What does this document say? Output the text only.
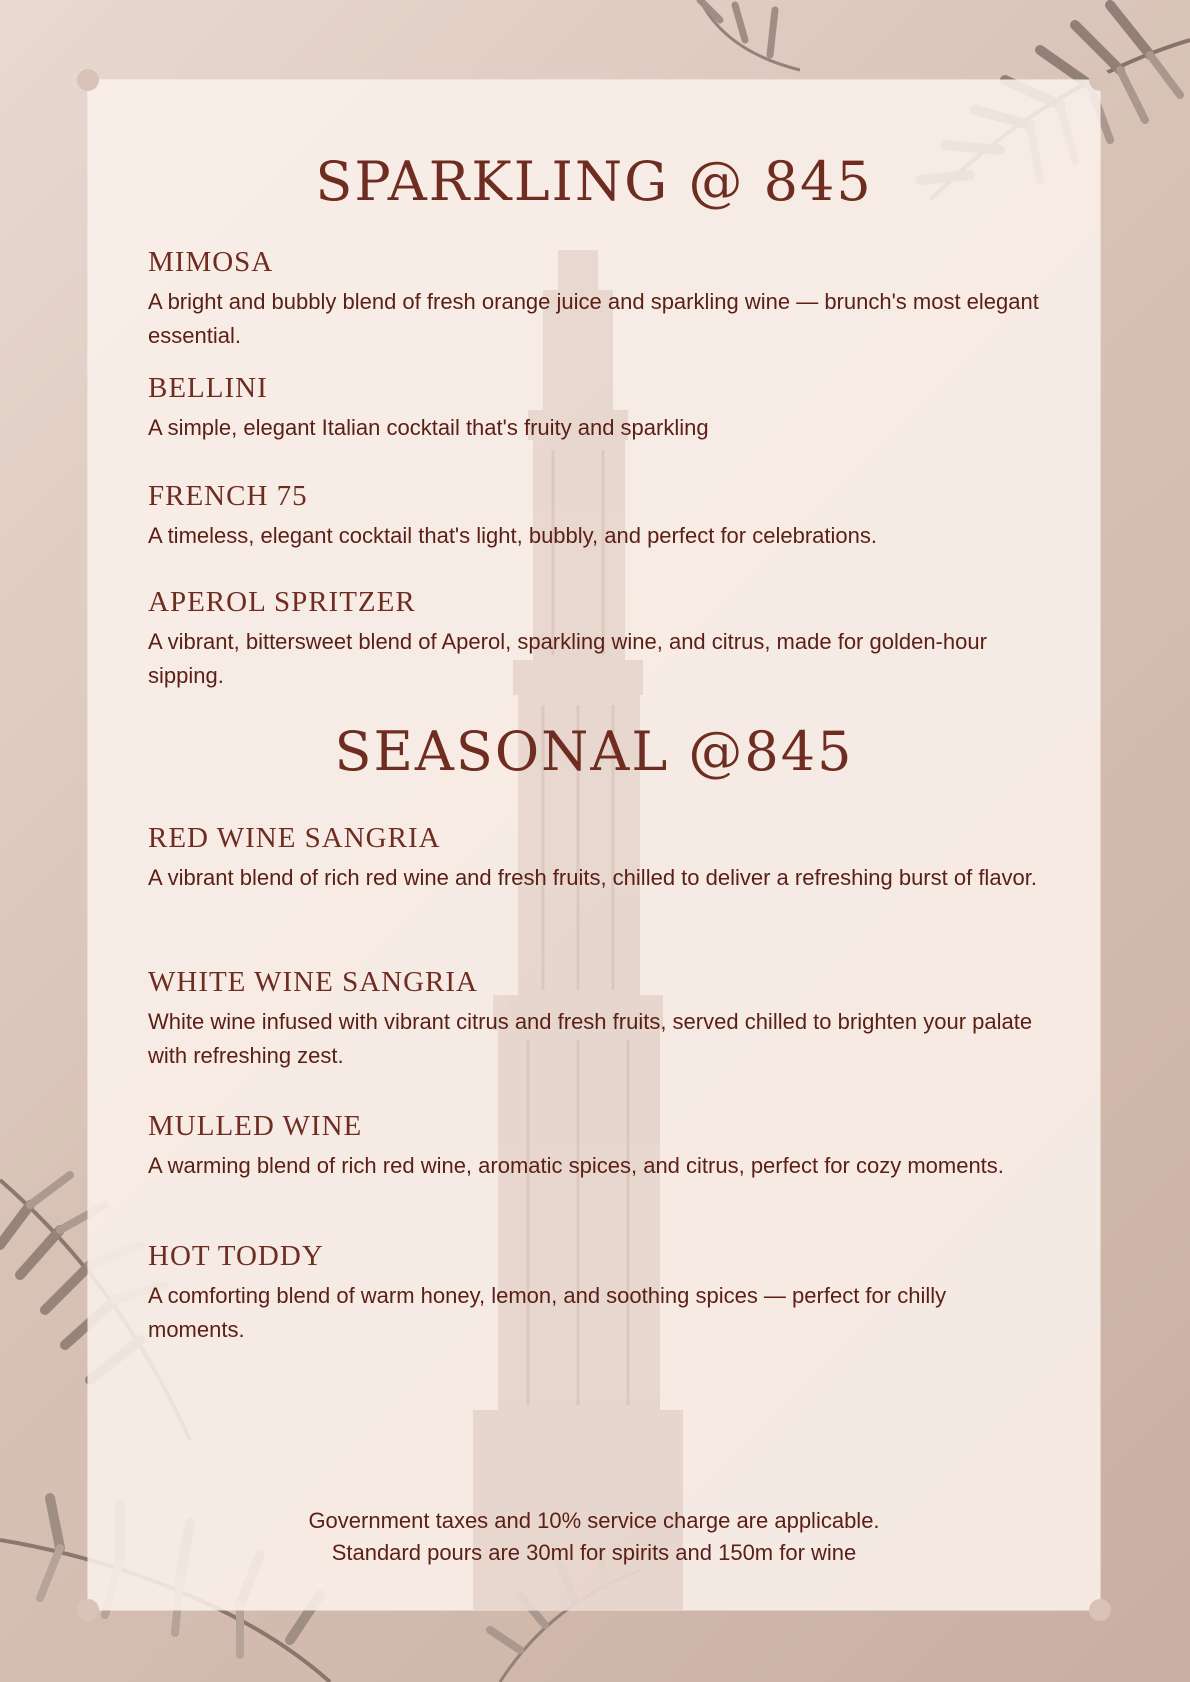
SPARKLING @ 845
MIMOSA

A bright and bubbly blend of fresh orange juice and sparkling wine — brunch's most elegant essential.

BELLINI

A simple, elegant Italian cocktail that's fruity and sparkling

FRENCH 75

A timeless, elegant cocktail that's light, bubbly, and perfect for celebrations.

APEROL SPRITZER

A vibrant, bittersweet blend of Aperol, sparkling wine, and citrus, made for golden-hour sipping.

SEASONAL @845
RED WINE SANGRIA

A vibrant blend of rich red wine and fresh fruits, chilled to deliver a refreshing burst of flavor.

WHITE WINE SANGRIA

White wine infused with vibrant citrus and fresh fruits, served chilled to brighten your palate with refreshing zest.

MULLED WINE

A warming blend of rich red wine, aromatic spices, and citrus, perfect for cozy moments.

HOT TODDY

A comforting blend of warm honey, lemon, and soothing spices — perfect for chilly moments.

Government taxes and 10% service charge are applicable.
Standard pours are 30ml for spirits and 150m for wine
